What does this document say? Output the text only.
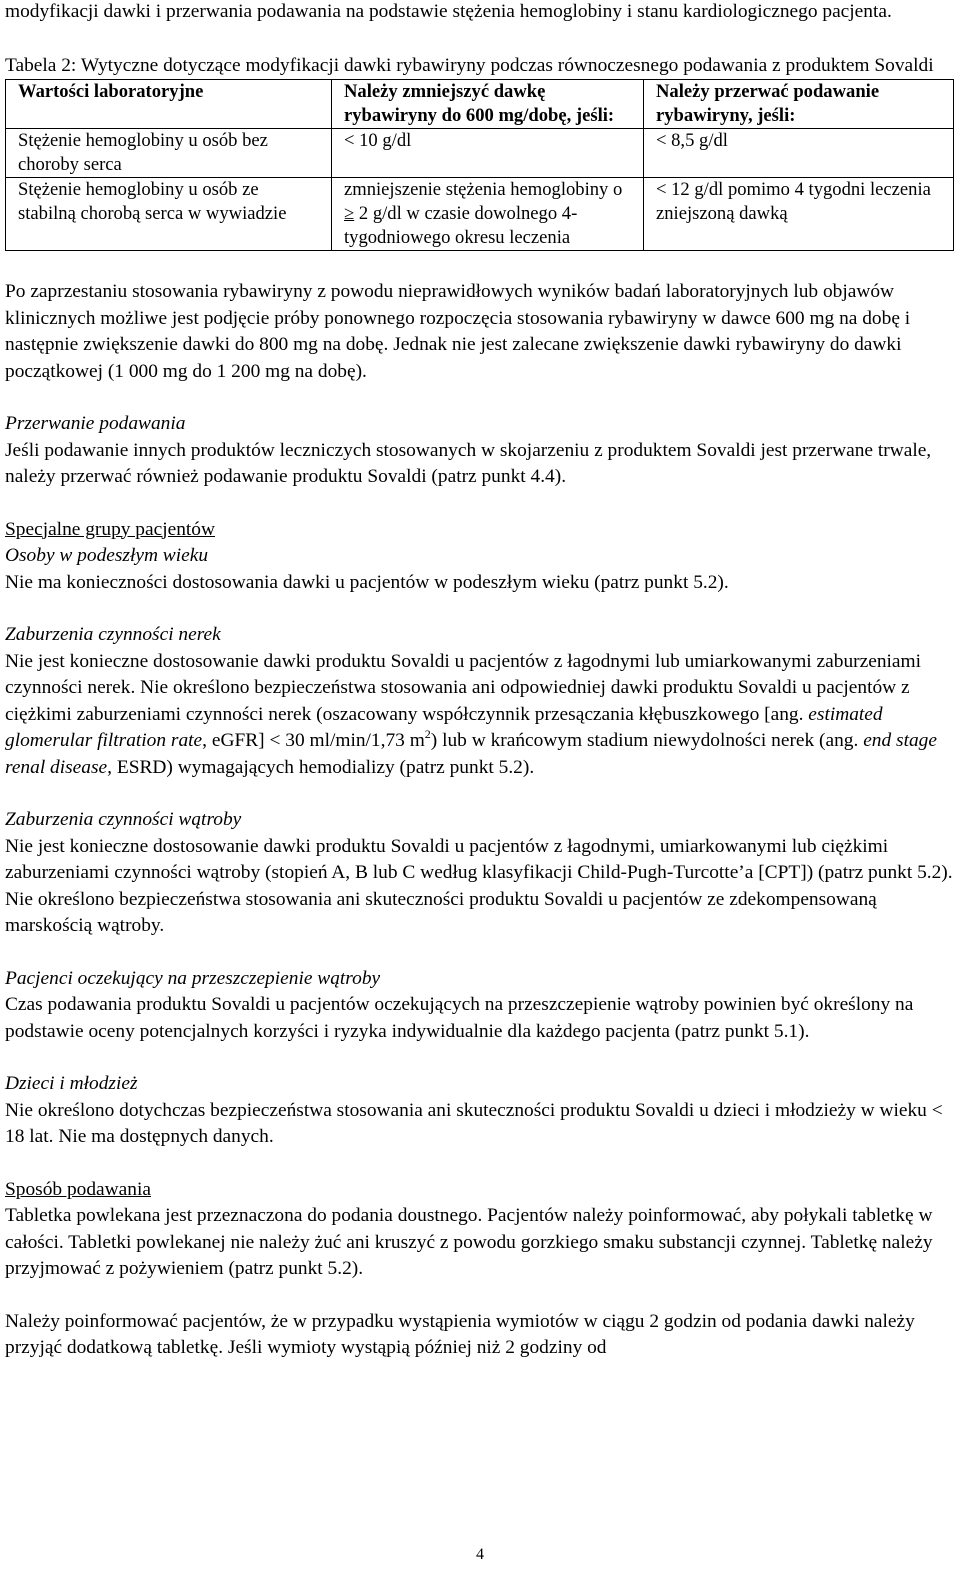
modyfikacji dawki i przerwania podawania na podstawie stężenia hemoglobiny i stanu kardiologicznego pacjenta.

Tabela 2: Wytyczne dotyczące modyfikacji dawki rybawiryny podczas równoczesnego podawania z produktem Sovaldi

Wartości laboratoryjne	Należy zmniejszyć dawkę rybawiryny do 600 mg/dobę, jeśli:	Należy przerwać podawanie rybawiryny, jeśli:
Stężenie hemoglobiny u osób bez choroby serca	< 10 g/dl	< 8,5 g/dl
Stężenie hemoglobiny u osób ze stabilną chorobą serca w wywiadzie	zmniejszenie stężenia hemoglobiny o ≥ 2 g/dl w czasie dowolnego 4-tygodniowego okresu leczenia	< 12 g/dl pomimo 4 tygodni leczenia zniejszoną dawką

Po zaprzestaniu stosowania rybawiryny z powodu nieprawidłowych wyników badań laboratoryjnych lub objawów klinicznych możliwe jest podjęcie próby ponownego rozpoczęcia stosowania rybawiryny w dawce 600 mg na dobę i następnie zwiększenie dawki do 800 mg na dobę. Jednak nie jest zalecane zwiększenie dawki rybawiryny do dawki początkowej (1 000 mg do 1 200 mg na dobę).

Przerwanie podawania

Jeśli podawanie innych produktów leczniczych stosowanych w skojarzeniu z produktem Sovaldi jest przerwane trwale, należy przerwać również podawanie produktu Sovaldi (patrz punkt 4.4).

Specjalne grupy pacjentów

Osoby w podeszłym wieku

Nie ma konieczności dostosowania dawki u pacjentów w podeszłym wieku (patrz punkt 5.2).

Zaburzenia czynności nerek

Nie jest konieczne dostosowanie dawki produktu Sovaldi u pacjentów z łagodnymi lub umiarkowanymi zaburzeniami czynności nerek. Nie określono bezpieczeństwa stosowania ani odpowiedniej dawki produktu Sovaldi u pacjentów z ciężkimi zaburzeniami czynności nerek (oszacowany współczynnik przesączania kłębuszkowego [ang. estimated glomerular filtration rate, eGFR] < 30 ml/min/1,73 $m^2$) lub w krańcowym stadium niewydolności nerek (ang. end stage renal disease, ESRD) wymagających hemodializy (patrz punkt 5.2).

Zaburzenia czynności wątroby

Nie jest konieczne dostosowanie dawki produktu Sovaldi u pacjentów z łagodnymi, umiarkowanymi lub ciężkimi zaburzeniami czynności wątroby (stopień A, B lub C według klasyfikacji Child-Pugh-Turcotte’a [CPT]) (patrz punkt 5.2). Nie określono bezpieczeństwa stosowania ani skuteczności produktu Sovaldi u pacjentów ze zdekompensowaną marskością wątroby.

Pacjenci oczekujący na przeszczepienie wątroby

Czas podawania produktu Sovaldi u pacjentów oczekujących na przeszczepienie wątroby powinien być określony na podstawie oceny potencjalnych korzyści i ryzyka indywidualnie dla każdego pacjenta (patrz punkt 5.1).

Dzieci i młodzież

Nie określono dotychczas bezpieczeństwa stosowania ani skuteczności produktu Sovaldi u dzieci i młodzieży w wieku < 18 lat. Nie ma dostępnych danych.

Sposób podawania

Tabletka powlekana jest przeznaczona do podania doustnego. Pacjentów należy poinformować, aby połykali tabletkę w całości. Tabletki powlekanej nie należy żuć ani kruszyć z powodu gorzkiego smaku substancji czynnej. Tabletkę należy przyjmować z pożywieniem (patrz punkt 5.2).

Należy poinformować pacjentów, że w przypadku wystąpienia wymiotów w ciągu 2 godzin od podania dawki należy przyjąć dodatkową tabletkę. Jeśli wymioty wystąpią później niż 2 godziny od

4
